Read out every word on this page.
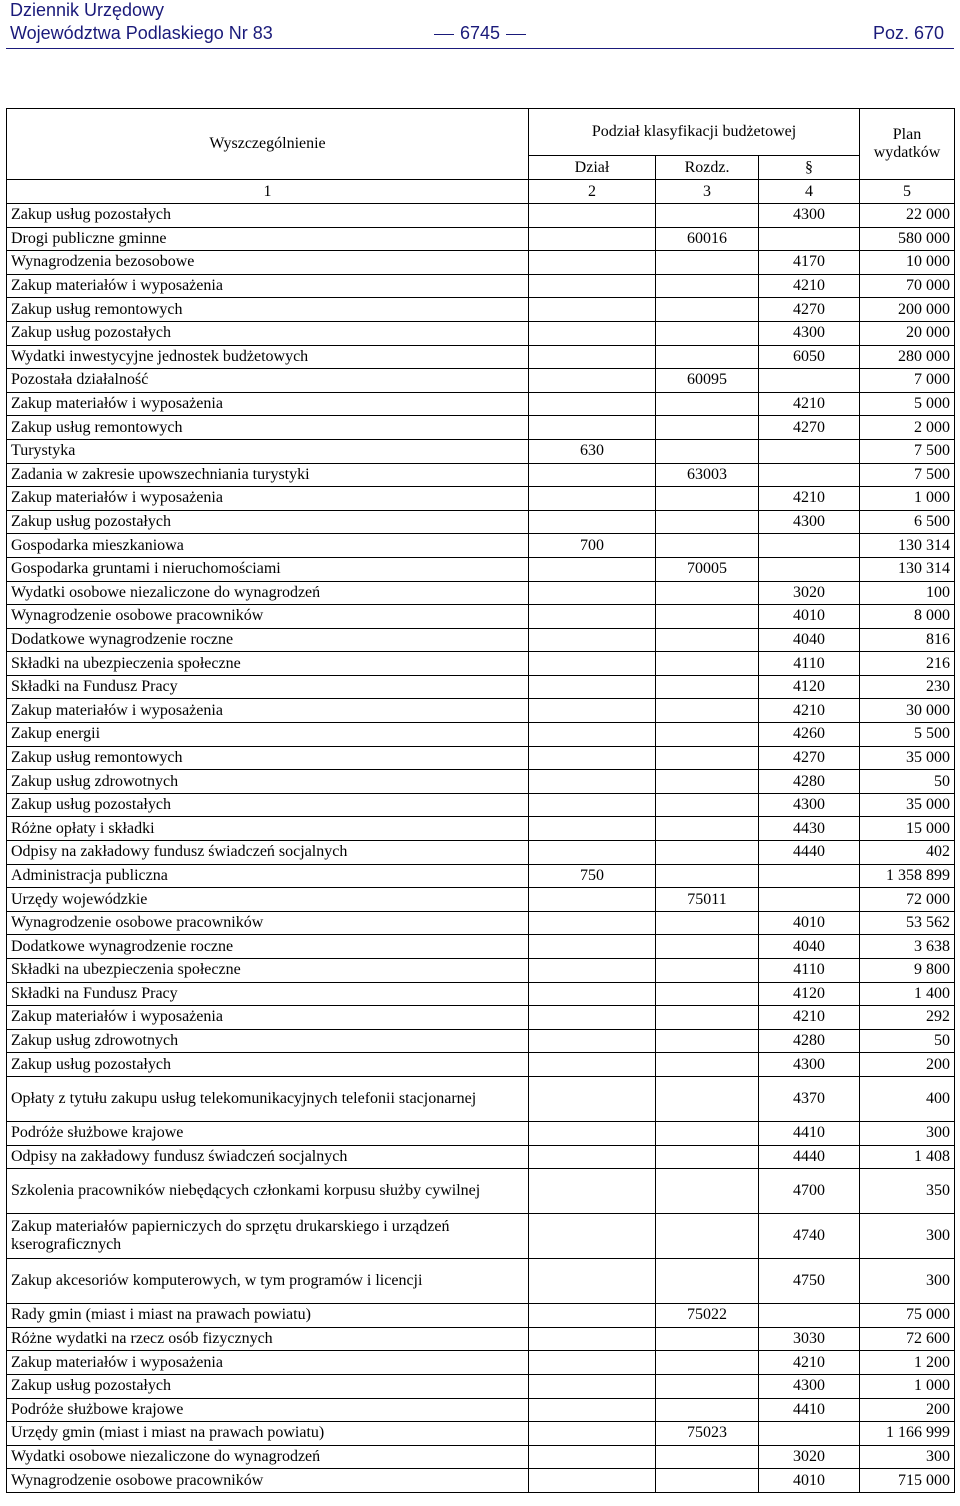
Dziennik Urzędowy
Województwa Podlaskiego Nr 83	6745	Poz. 670
Wyszczególnienie	Podział klasyfikacji budżetowej			Plan wydatków
	Dział	Rozdz.	§	
1	2	3	4	5
Zakup usług pozostałych			4300	22 000
Drogi publiczne gminne		60016		580 000
Wynagrodzenia bezosobowe			4170	10 000
Zakup materiałów i wyposażenia			4210	70 000
Zakup usług remontowych			4270	200 000
Zakup usług pozostałych			4300	20 000
Wydatki inwestycyjne jednostek budżetowych			6050	280 000
Pozostała działalność		60095		7 000
Zakup materiałów i wyposażenia			4210	5 000
Zakup usług remontowych			4270	2 000
Turystyka	630			7 500
Zadania w zakresie upowszechniania turystyki		63003		7 500
Zakup materiałów i wyposażenia			4210	1 000
Zakup usług pozostałych			4300	6 500
Gospodarka mieszkaniowa	700			130 314
Gospodarka gruntami i nieruchomościami		70005		130 314
Wydatki osobowe niezaliczone do wynagrodzeń			3020	100
Wynagrodzenie osobowe pracowników			4010	8 000
Dodatkowe wynagrodzenie roczne			4040	816
Składki na ubezpieczenia społeczne			4110	216
Składki na Fundusz Pracy			4120	230
Zakup materiałów i wyposażenia			4210	30 000
Zakup energii			4260	5 500
Zakup usług remontowych			4270	35 000
Zakup usług zdrowotnych			4280	50
Zakup usług pozostałych			4300	35 000
Różne opłaty i składki			4430	15 000
Odpisy na zakładowy fundusz świadczeń socjalnych			4440	402
Administracja publiczna	750			1 358 899
Urzędy wojewódzkie		75011		72 000
Wynagrodzenie osobowe pracowników			4010	53 562
Dodatkowe wynagrodzenie roczne			4040	3 638
Składki na ubezpieczenia społeczne			4110	9 800
Składki na Fundusz Pracy			4120	1 400
Zakup materiałów i wyposażenia			4210	292
Zakup usług zdrowotnych			4280	50
Zakup usług pozostałych			4300	200
Opłaty z tytułu zakupu usług telekomunikacyjnych telefonii stacjonarnej			4370	400
Podróże służbowe krajowe			4410	300
Odpisy na zakładowy fundusz świadczeń socjalnych			4440	1 408
Szkolenia pracowników niebędących członkami korpusu służby cywilnej			4700	350
Zakup materiałów papierniczych do sprzętu drukarskiego i urządzeń kserograficznych			4740	300
Zakup akcesoriów komputerowych, w tym programów i licencji			4750	300
Rady gmin (miast i miast na prawach powiatu)		75022		75 000
Różne wydatki na rzecz osób fizycznych			3030	72 600
Zakup materiałów i wyposażenia			4210	1 200
Zakup usług pozostałych			4300	1 000
Podróże służbowe krajowe			4410	200
Urzędy gmin (miast i miast na prawach powiatu)		75023		1 166 999
Wydatki osobowe niezaliczone do wynagrodzeń			3020	300
Wynagrodzenie osobowe pracowników			4010	715 000
